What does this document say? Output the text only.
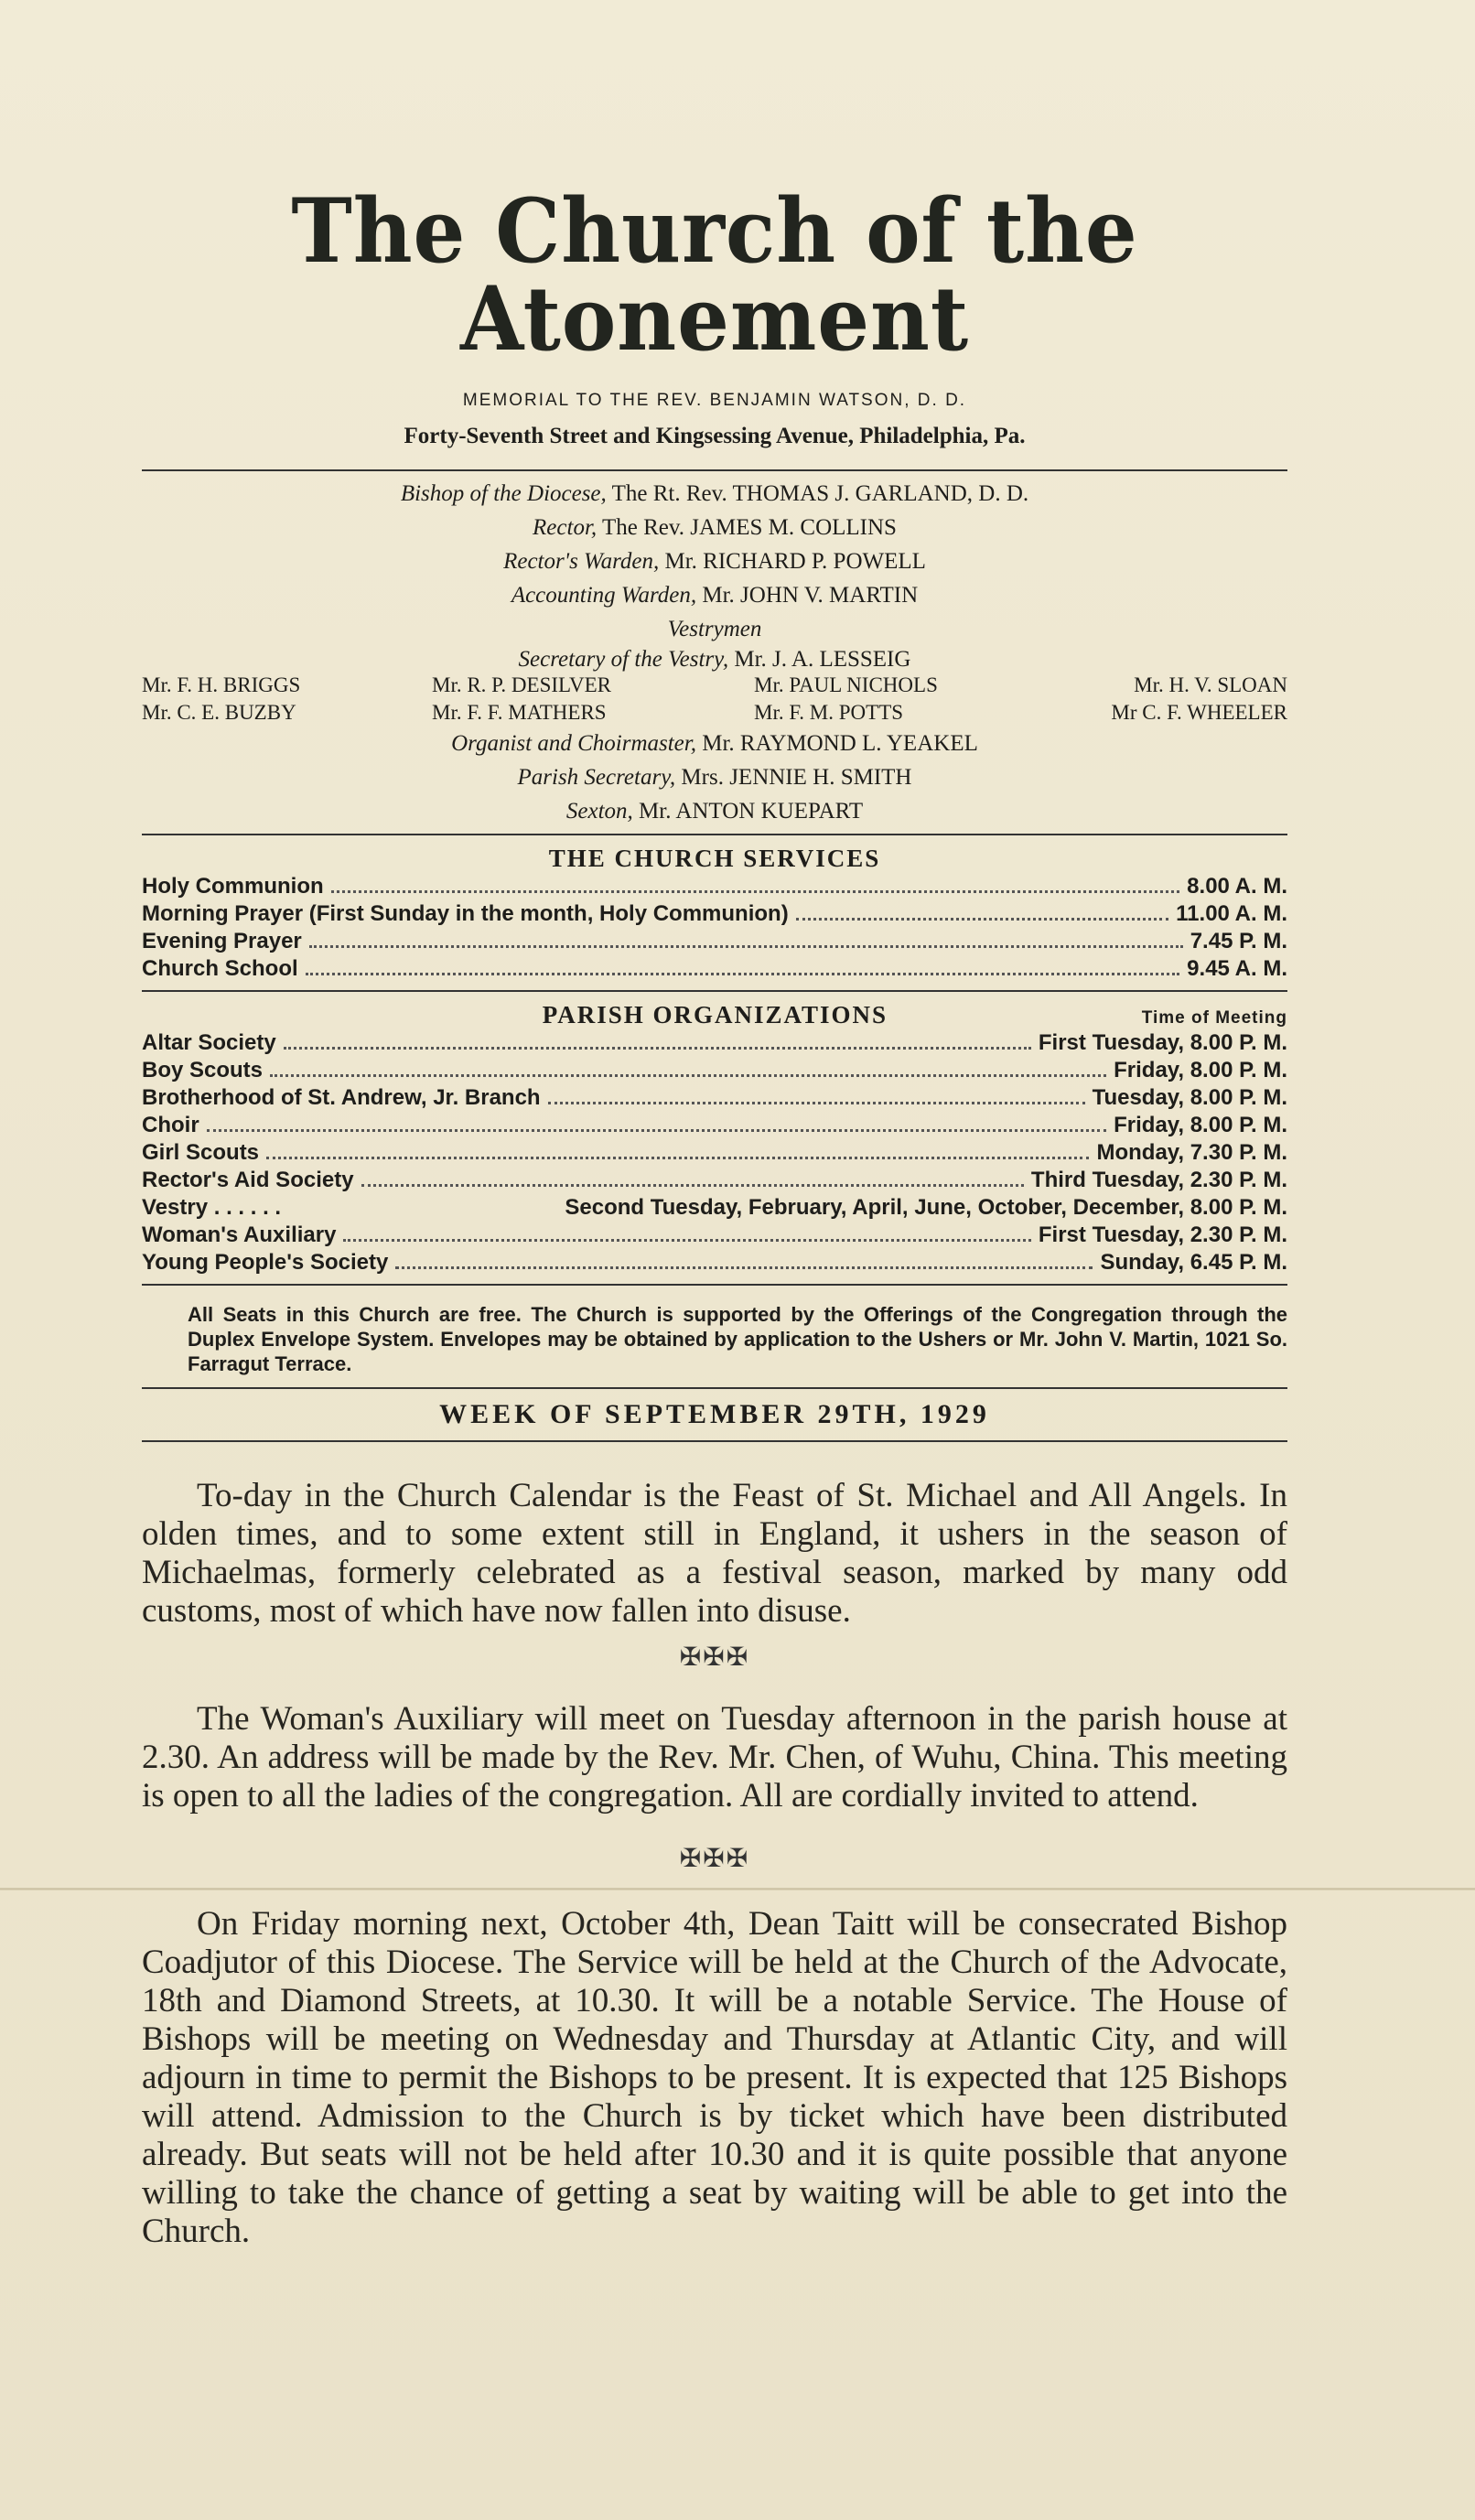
The Church of the Atonement
MEMORIAL TO THE REV. BENJAMIN WATSON, D. D.
Forty-Seventh Street and Kingsessing Avenue, Philadelphia, Pa.
Bishop of the Diocese, The Rt. Rev. THOMAS J. GARLAND, D. D.
Rector, The Rev. JAMES M. COLLINS
Rector's Warden, Mr. RICHARD P. POWELL
Accounting Warden, Mr. JOHN V. MARTIN
Vestrymen
Secretary of the Vestry, Mr. J. A. LESSEIG
Mr. F. H. BRIGGS	Mr. R. P. DESILVER	Mr. PAUL NICHOLS	Mr. H. V. SLOAN
Mr. C. E. BUZBY	Mr. F. F. MATHERS	Mr. F. M. POTTS	Mr C. F. WHEELER
Organist and Choirmaster, Mr. RAYMOND L. YEAKEL
Parish Secretary, Mrs. JENNIE H. SMITH
Sexton, Mr. ANTON KUEPART
THE CHURCH SERVICES
Holy Communion	8.00 A. M.
Morning Prayer (First Sunday in the month, Holy Communion)	11.00 A. M.
Evening Prayer	7.45 P. M.
Church School	9.45 A. M.
PARISH ORGANIZATIONS	Time of Meeting
Altar Society	First Tuesday, 8.00 P. M.
Boy Scouts	Friday, 8.00 P. M.
Brotherhood of St. Andrew, Jr. Branch	Tuesday, 8.00 P. M.
Choir	Friday, 8.00 P. M.
Girl Scouts	Monday, 7.30 P. M.
Rector's Aid Society	Third Tuesday, 2.30 P. M.
Vestry . . . . . .	Second Tuesday, February, April, June, October, December, 8.00 P. M.
Woman's Auxiliary	First Tuesday, 2.30 P. M.
Young People's Society	Sunday, 6.45 P. M.
All Seats in this Church are free. The Church is supported by the Offerings of the Congregation through the Duplex Envelope System. Envelopes may be obtained by application to the Ushers or Mr. John V. Martin, 1021 So. Farragut Terrace.
WEEK OF SEPTEMBER 29TH, 1929

To-day in the Church Calendar is the Feast of St. Michael and All Angels. In olden times, and to some extent still in England, it ushers in the season of Michaelmas, formerly celebrated as a festival season, marked by many odd customs, most of which have now fallen into disuse.

✠✠✠

The Woman's Auxiliary will meet on Tuesday afternoon in the parish house at 2.30. An address will be made by the Rev. Mr. Chen, of Wuhu, China. This meeting is open to all the ladies of the congregation. All are cordially invited to attend.

✠✠✠

On Friday morning next, October 4th, Dean Taitt will be consecrated Bishop Coadjutor of this Diocese. The Service will be held at the Church of the Advocate, 18th and Diamond Streets, at 10.30. It will be a notable Service. The House of Bishops will be meeting on Wednesday and Thursday at Atlantic City, and will adjourn in time to permit the Bishops to be present. It is expected that 125 Bishops will attend. Admission to the Church is by ticket which have been distributed already. But seats will not be held after 10.30 and it is quite possible that anyone willing to take the chance of getting a seat by waiting will be able to get into the Church.
